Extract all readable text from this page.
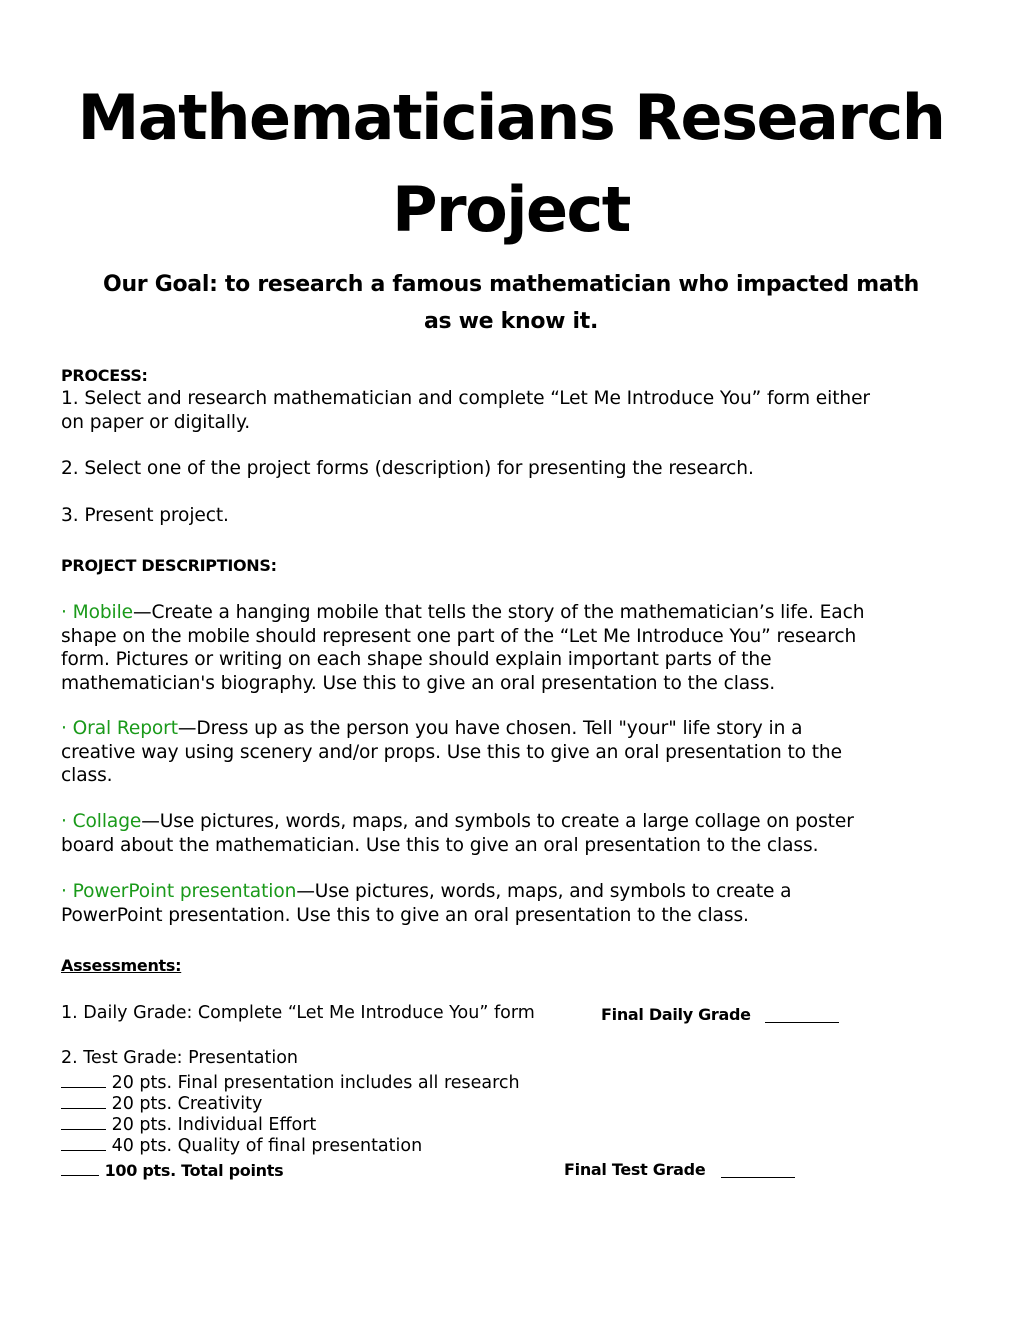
Mathematicians Research
Project

Our Goal: to research a famous mathematician who impacted math
as we know it.

PROCESS:
1. Select and research mathematician and complete “Let Me Introduce You” form either
on paper or digitally.
2. Select one of the project forms (description) for presenting the research.
3. Present project.
PROJECT DESCRIPTIONS:
· Mobile—Create a hanging mobile that tells the story of the mathematician’s life. Each
shape on the mobile should represent one part of the “Let Me Introduce You” research
form. Pictures or writing on each shape should explain important parts of the
mathematician's biography. Use this to give an oral presentation to the class.
· Oral Report—Dress up as the person you have chosen. Tell "your" life story in a
creative way using scenery and/or props. Use this to give an oral presentation to the
class.
· Collage—Use pictures, words, maps, and symbols to create a large collage on poster
board about the mathematician. Use this to give an oral presentation to the class.
· PowerPoint presentation—Use pictures, words, maps, and symbols to create a
PowerPoint presentation. Use this to give an oral presentation to the class.
Assessments:
1. Daily Grade: Complete “Let Me Introduce You” form	Final Daily Grade
2. Test Grade: Presentation
20 pts. Final presentation includes all research
20 pts. Creativity
20 pts. Individual Effort
40 pts. Quality of final presentation
100 pts. Total points	Final Test Grade
